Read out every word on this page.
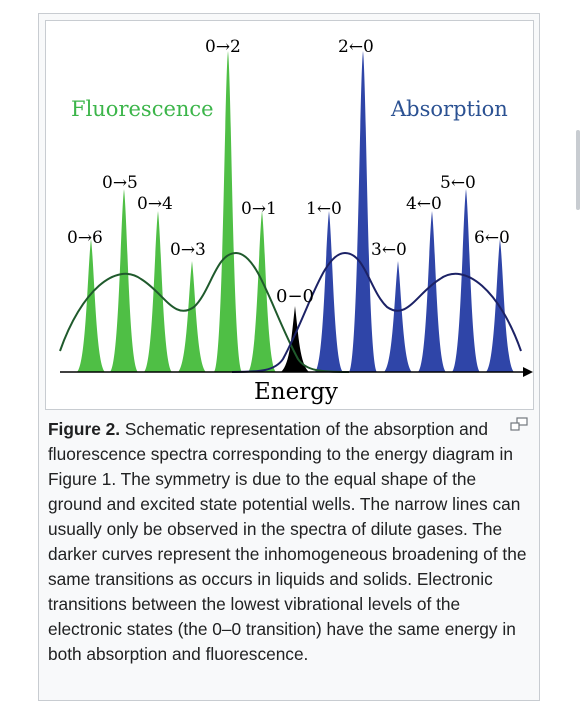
Fluorescence	Absorption
Energy
0−0
0→6
0→5
0→4
0→3
0→2
0→1 1←0
2←0
3←0
4←0
5←0
6←0
Figure 2. Schematic representation of the absorption and fluorescence spectra corresponding to the energy diagram in Figure 1. The symmetry is due to the equal shape of the ground and excited state potential wells. The narrow lines can usually only be observed in the spectra of dilute gases. The darker curves represent the inhomogeneous broadening of the same transitions as occurs in liquids and solids. Electronic transitions between the lowest vibrational levels of the electronic states (the 0–0 transition) have the same energy in both absorption and fluorescence.
